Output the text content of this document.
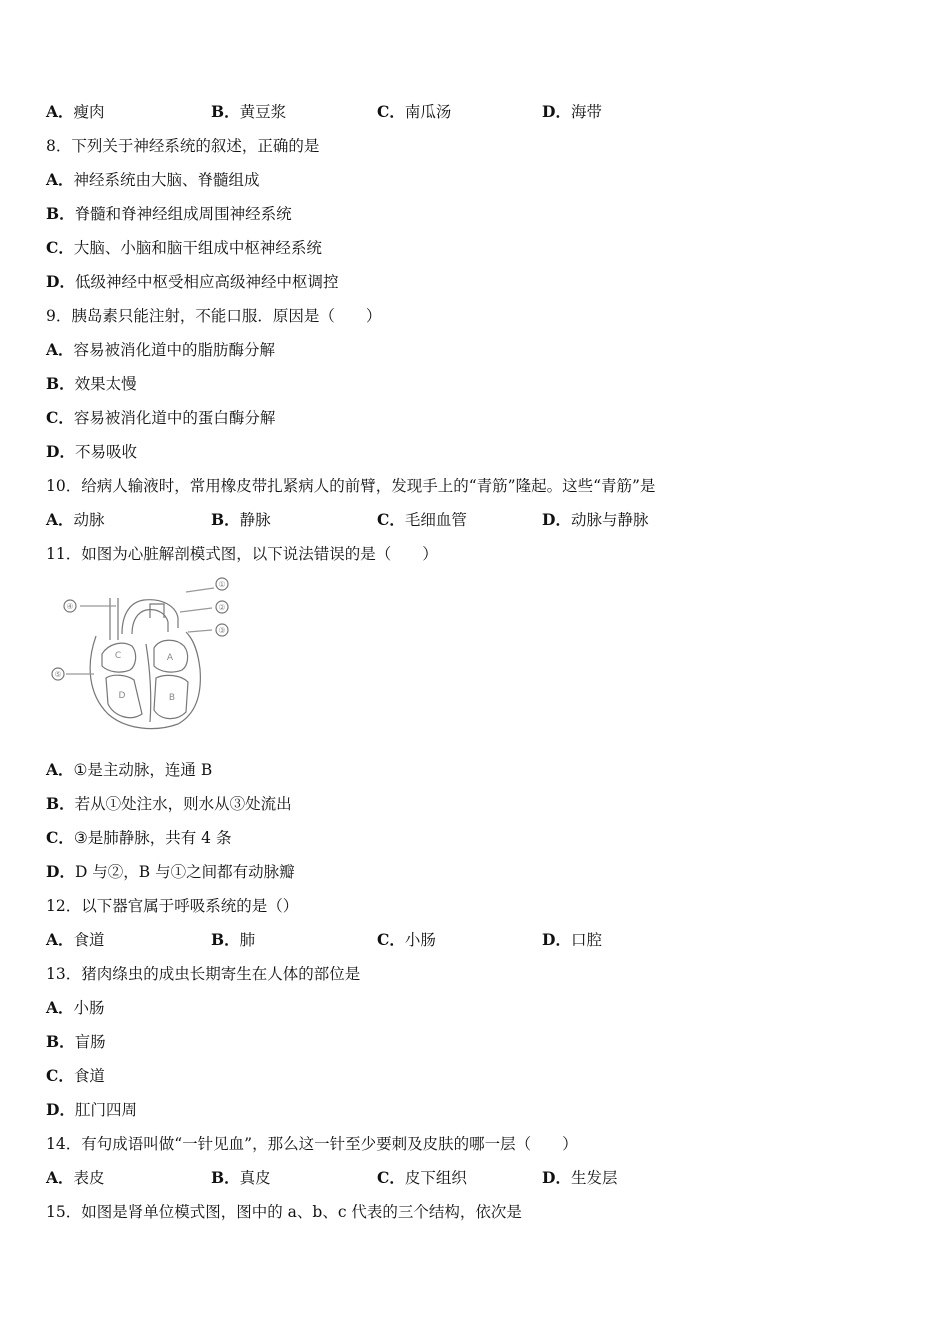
A．瘦肉	B．黄豆浆	C．南瓜汤	D．海带
8．下列关于神经系统的叙述，正确的是
A．神经系统由大脑、脊髓组成
B．脊髓和脊神经组成周围神经系统
C．大脑、小脑和脑干组成中枢神经系统
D．低级神经中枢受相应高级神经中枢调控
9．胰岛素只能注射，不能口服．原因是（　　）
A．容易被消化道中的脂肪酶分解
B．效果太慢
C．容易被消化道中的蛋白酶分解
D．不易吸收
10．给病人输液时，常用橡皮带扎紧病人的前臂，发现手上的“青筋”隆起。这些“青筋”是
A．动脉	B．静脉	C．毛细血管	D．动脉与静脉
11．如图为心脏解剖模式图，以下说法错误的是（　　）
①
②
③
④
⑤
A
B
C
D
A．①是主动脉，连通 B
B．若从①处注水，则水从③处流出
C．③是肺静脉，共有 4 条
D．D 与②，B 与①之间都有动脉瓣
12．以下器官属于呼吸系统的是（）
A．食道	B．肺	C．小肠	D．口腔
13．猪肉绦虫的成虫长期寄生在人体的部位是
A．小肠
B．盲肠
C．食道
D．肛门四周
14．有句成语叫做“一针见血”，那么这一针至少要刺及皮肤的哪一层（　　）
A．表皮	B．真皮	C．皮下组织	D．生发层
15．如图是肾单位模式图，图中的 a、b、c 代表的三个结构，依次是
